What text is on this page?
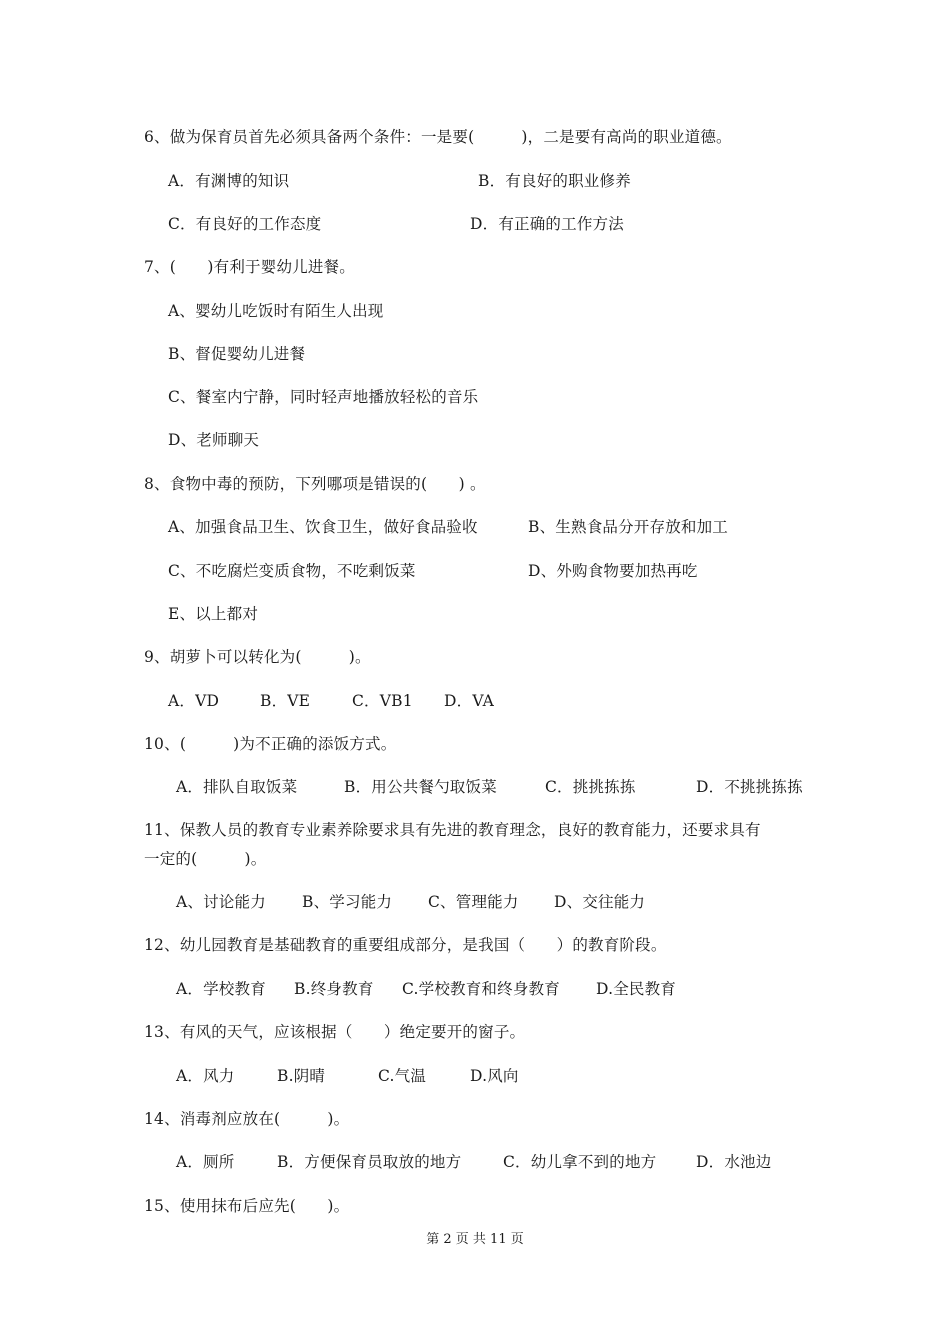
6、做为保育员首先必须具备两个条件：一是要(　　　)，二是要有高尚的职业道德。
A．有渊博的知识	B．有良好的职业修养
C．有良好的工作态度	D．有正确的工作方法
7、(　　)有利于婴幼儿进餐。
A、婴幼儿吃饭时有陌生人出现
B、督促婴幼儿进餐
C、餐室内宁静，同时轻声地播放轻松的音乐
D、老师聊天
8、食物中毒的预防，下列哪项是错误的(　　) 。
A、加强食品卫生、饮食卫生，做好食品验收	B、生熟食品分开存放和加工
C、不吃腐烂变质食物，不吃剩饭菜	D、外购食物要加热再吃
E、以上都对
9、胡萝卜可以转化为(　　　)。
A．VD	B．VE	C．VB1 D．VA
10、(　　　)为不正确的添饭方式。
A．排队自取饭菜	B．用公共餐勺取饭菜	C．挑挑拣拣	D．不挑挑拣拣
11、保教人员的教育专业素养除要求具有先进的教育理念，良好的教育能力，还要求具有
一定的(　　　)。
A、讨论能力 B、学习能力 C、管理能力 D、交往能力
12、幼儿园教育是基础教育的重要组成部分，是我国（　　）的教育阶段。
A．学校教育 B.终身教育 C.学校教育和终身教育 D.全民教育
13、有风的天气，应该根据（　　）绝定要开的窗子。
A．风力	B.阴晴	C.气温	D.风向
14、消毒剂应放在(　　　)。
A．厕所	B．方便保育员取放的地方	C．幼儿拿不到的地方	D．水池边
15、使用抹布后应先(　　)。
第 2 页 共 11 页
